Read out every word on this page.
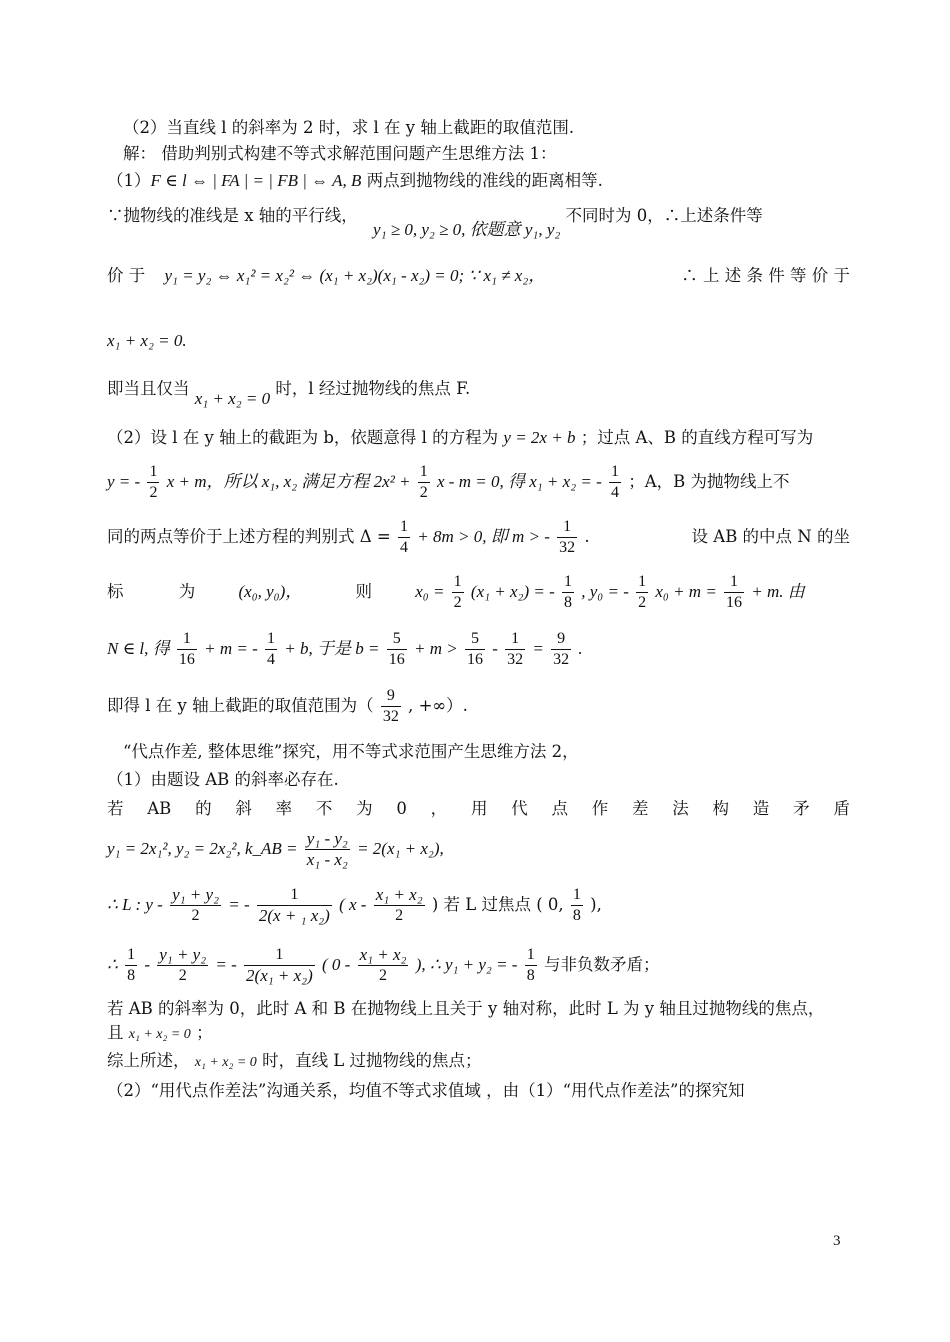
（2）当直线 l 的斜率为 2 时，求 l 在 y 轴上截距的取值范围.
解： 借助判别式构建不等式求解范围问题产生思维方法 1：
（1）F ∈ l ⇔ | FA | = | FB | ⇔ A, B 两点到抛物线的准线的距离相等.
∵抛物线的准线是 x 轴的平行线， y₁ ≥ 0, y₂ ≥ 0, 依题意 y₁, y₂ 不同时为 0，∴上述条件等
价 于 y₁ = y₂ ⇔ x₁² = x₂² ⇔ (x₁ + x₂)(x₁ - x₂) = 0; ∵ x₁ ≠ x₂，	∴ 上 述 条 件 等 价 于
x₁ + x₂ = 0.
即当且仅当 x₁ + x₂ = 0 时，l 经过抛物线的焦点 F.
（2）设 l 在 y 轴上的截距为 b，依题意得 l 的方程为 y = 2x + b ；过点 A、B 的直线方程可写为
y = - $\frac{1}{2}$ x + m，所以 x₁, x₂ 满足方程 $2x^2 + \frac{1}{2}$ x - m = 0, 得 x₁ + x₂ = - $\frac{1}{4}$ ；A，B 为抛物线上不
同的两点等价于上述方程的判别式 $\Delta = \frac{1}{4} + 8m > 0$, 即 m > - $\frac{1}{32}$ .	设 AB 的中点 N 的坐
标	为	(x₀, y₀)，	则	$x_0 = \frac{1}{2} (x_1 + x_2)$ = - $\frac{1}{8}$ , y₀ = - $\frac{1}{2} x_0 + m = \frac{1}{16} + m$. 由
N ∈ l, 得 $\frac{1}{16} + m$ = - $\frac{1}{4} + b$, 于是 $b = \frac{5}{16} + m > \frac{5}{16} - \frac{1}{32} = \frac{9}{32}$ .
即得 l 在 y 轴上截距的取值范围为（ $\frac{9}{32}$ , +∞）.
“代点作差, 整体思维”探究，用不等式求范围产生思维方法 2，
（1）由题设 AB 的斜率必存在.
若 AB 的 斜 率 不 为 0 ， 用 代 点 作 差 法 构 造 矛 盾
y₁ = 2x₁², y₂ = 2x₂², k_AB = $\frac{\text{y₁ - y₂}}{\text{x₁ - x₂}} = 2(x_1 + x_2)$,
∴ L : y - $\frac{\text{y₁ + y₂}}{2}$ = - $\frac{1}{\text{2(x + ₁ x₂)}}$ ( x - $\frac{\text{x₁ + x₂}}{2}$ ) 若 L 过焦点 ( 0, $\frac{1}{8}$ ),
∴ $\frac{1}{8} - \frac{\text{y₁ + y₂}}{2}$ = - $\frac{1}{\text{2(x₁ + x₂)}}$ ( $0 - \frac{\text{x₁ + x₂}}{2}$ ), ∴ y₁ + y₂ = - $\frac{1}{8}$ 与非负数矛盾；
若 AB 的斜率为 0，此时 A 和 B 在抛物线上且关于 y 轴对称，此时 L 为 y 轴且过抛物线的焦点，
且 x₁ + x₂ = 0 ；
综上所述， x₁ + x₂ = 0 时，直线 L 过抛物线的焦点；
（2）“用代点作差法”沟通关系，均值不等式求值域 ，由（1）“用代点作差法”的探究知
3
